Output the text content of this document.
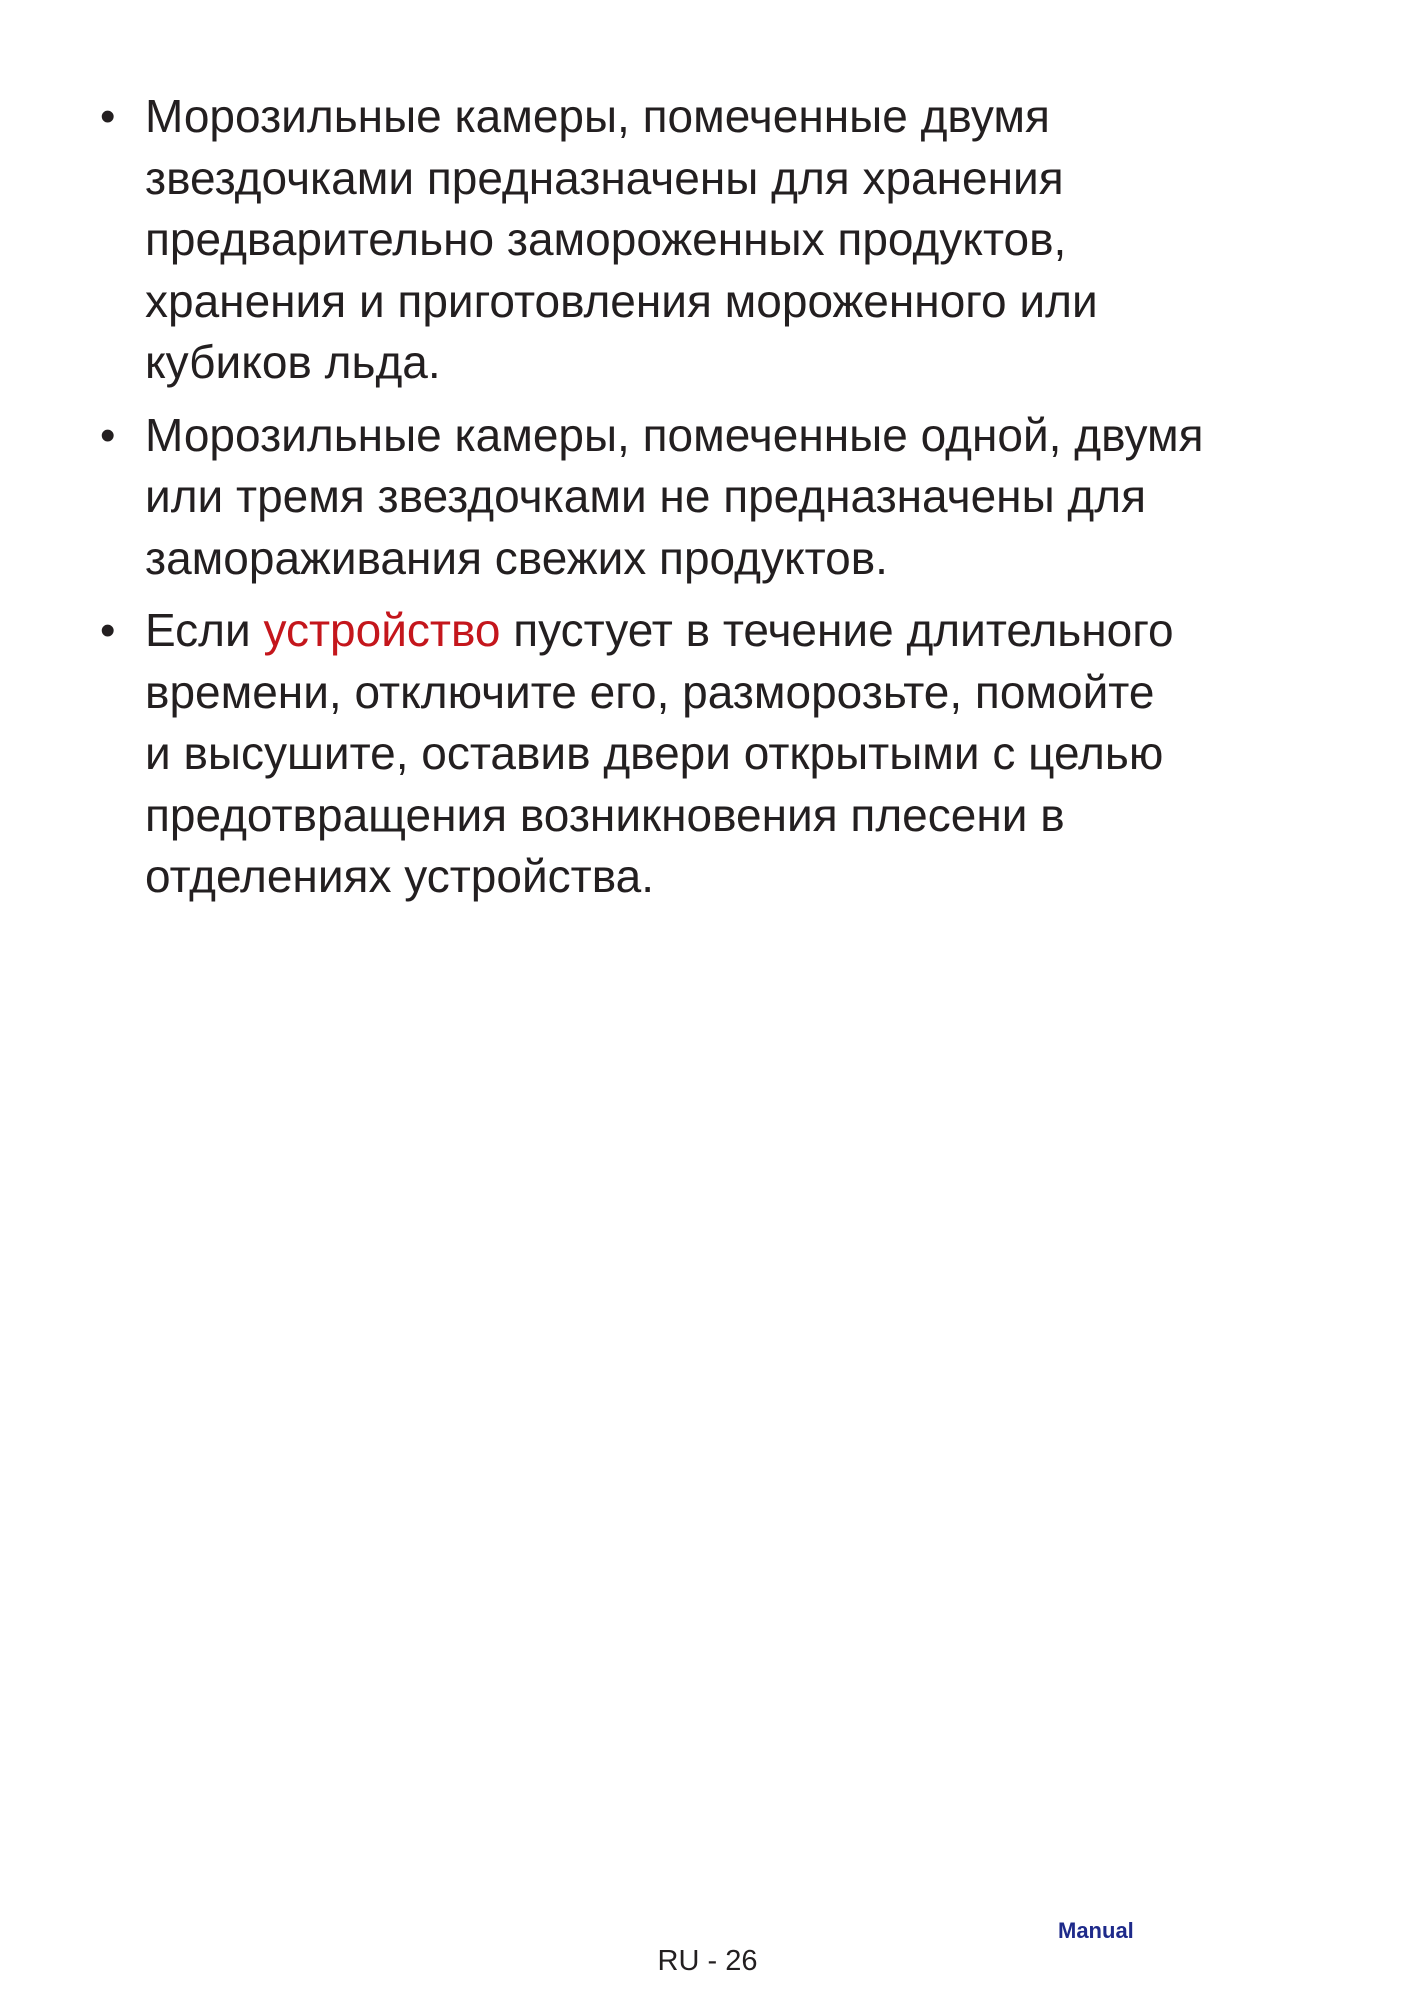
• Морозильные камеры, помеченные двумя
звездочками предназначены для хранения
предварительно замороженных продуктов,
хранения и приготовления мороженного или
кубиков льда.
• Морозильные камеры, помеченные одной, двумя
или тремя звездочками не предназначены для
замораживания свежих продуктов.
• Если устройство пустует в течение длительного
времени, отключите его, разморозьте, помойте
и высушите, оставив двери открытыми с целью
предотвращения возникновения плесени в
отделениях устройства.
Manual
RU - 26
